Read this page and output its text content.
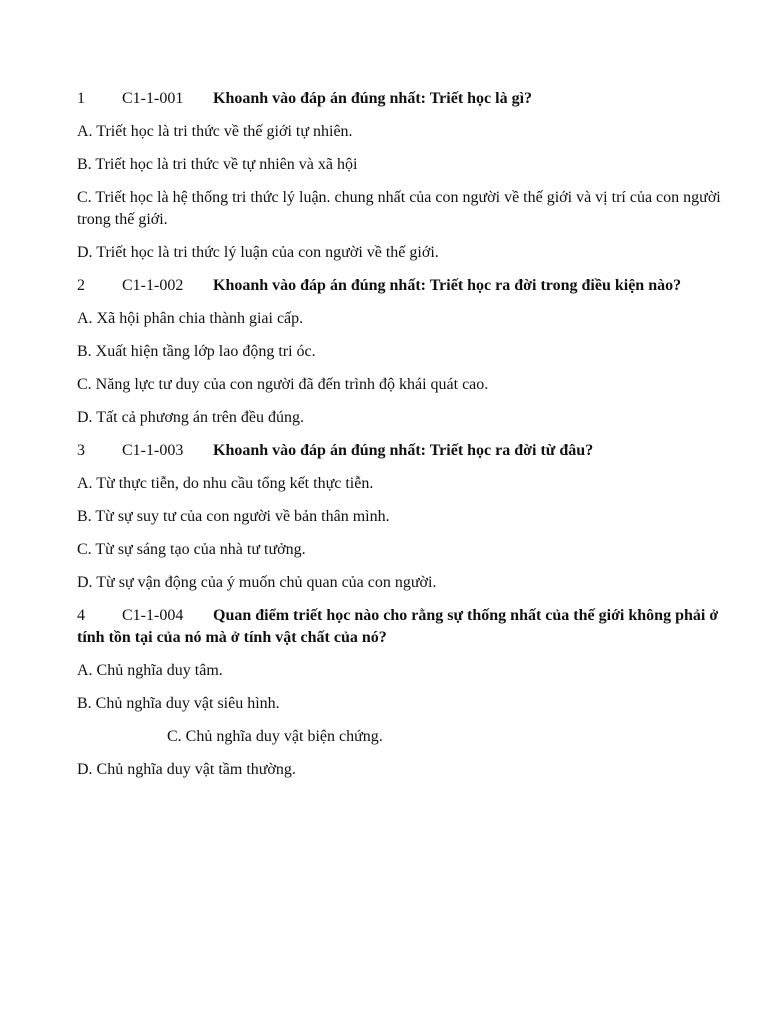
1 C1-1-001 Khoanh vào đáp án đúng nhất: Triết học là gì?

A. Triết học là tri thức về thế giới tự nhiên.

B. Triết học là tri thức về tự nhiên và xã hội

C. Triết học là hệ thống tri thức lý luận. chung nhất của con người về thế giới và vị trí của con người trong thế giới.

D. Triết học là tri thức lý luận của con người về thế giới.

2 C1-1-002 Khoanh vào đáp án đúng nhất: Triết học ra đời trong điều kiện nào?

A. Xã hội phân chia thành giai cấp.

B. Xuất hiện tầng lớp lao động tri óc.

C. Năng lực tư duy của con người đã đến trình độ khái quát cao.

D. Tất cả phương án trên đều đúng.

3 C1-1-003 Khoanh vào đáp án đúng nhất: Triết học ra đời từ đâu?

A. Từ thực tiễn, do nhu cầu tổng kết thực tiễn.

B. Từ sự suy tư của con người về bản thân mình.

C. Từ sự sáng tạo của nhà tư tưởng.

D. Từ sự vận động của ý muốn chủ quan của con người.

4 C1-1-004 Quan điểm triết học nào cho rằng sự thống nhất của thế giới không phải ở tính tồn tại của nó mà ở tính vật chất của nó?

A. Chủ nghĩa duy tâm.

B. Chủ nghĩa duy vật siêu hình.

C. Chủ nghĩa duy vật biện chứng.

D. Chủ nghĩa duy vật tầm thường.
